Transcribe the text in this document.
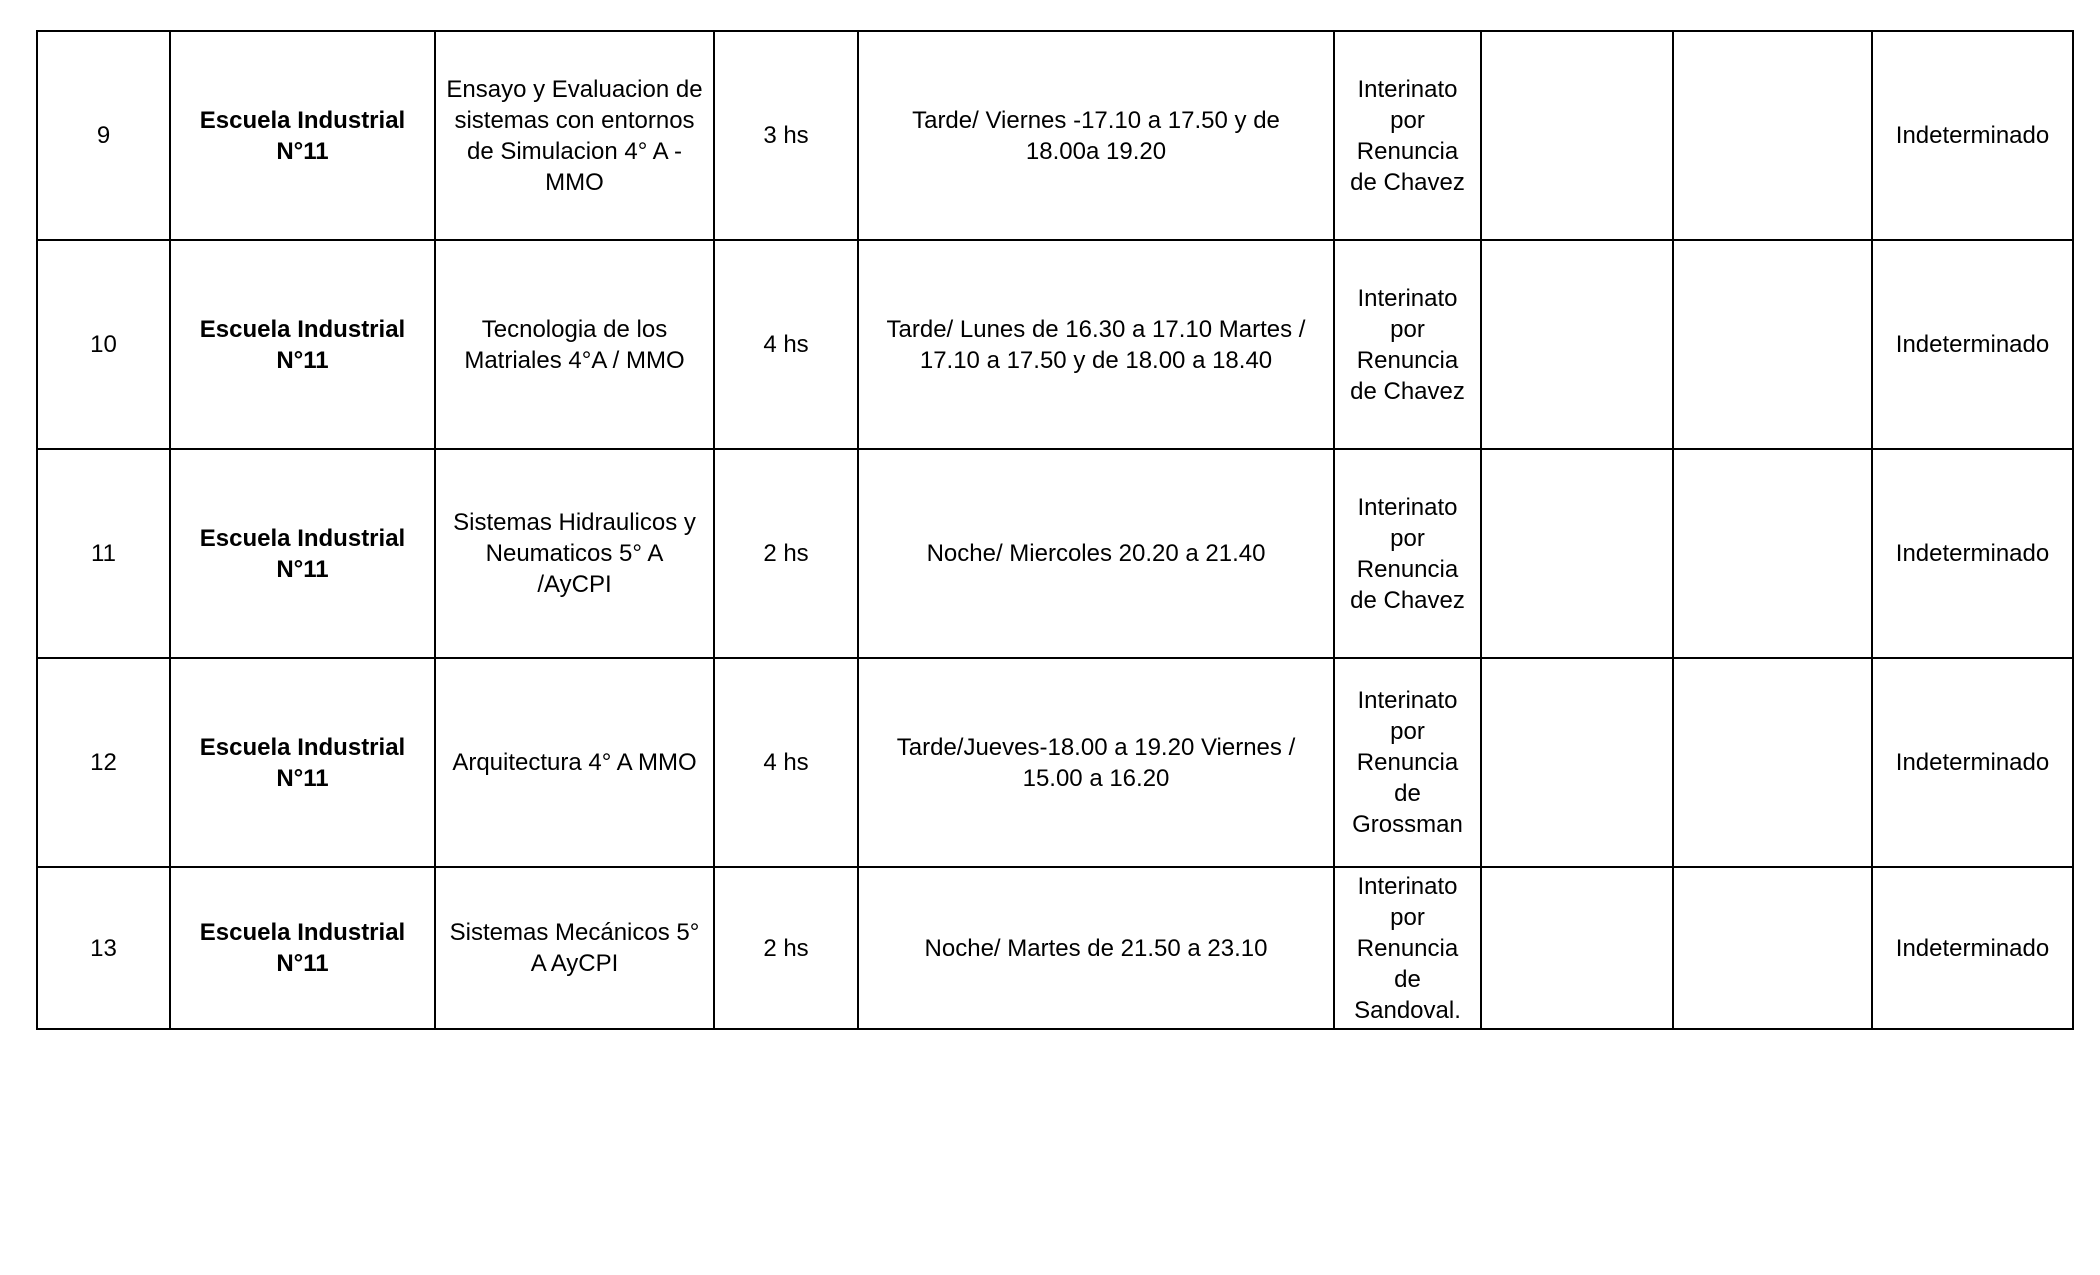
9	Escuela Industrial
N°11	Ensayo y Evaluacion de
sistemas con entornos
de Simulacion 4° A -
MMO	3 hs	Tarde/ Viernes -17.10 a 17.50 y de
18.00a 19.20	Interinato
por
Renuncia
de Chavez			Indeterminado
10	Escuela Industrial
N°11	Tecnologia de los
Matriales 4°A / MMO	4 hs	Tarde/ Lunes de 16.30 a 17.10 Martes /
17.10 a 17.50 y de 18.00 a 18.40	Interinato
por
Renuncia
de Chavez			Indeterminado
11	Escuela Industrial
N°11	Sistemas Hidraulicos y
Neumaticos 5° A
/AyCPI	2 hs	Noche/ Miercoles 20.20 a 21.40	Interinato
por
Renuncia
de Chavez			Indeterminado
12	Escuela Industrial
N°11	Arquitectura 4° A MMO	4 hs	Tarde/Jueves-18.00 a 19.20 Viernes /
15.00 a 16.20	Interinato
por
Renuncia
de
Grossman			Indeterminado
13	Escuela Industrial
N°11	Sistemas Mecánicos 5°
A AyCPI	2 hs	Noche/ Martes de 21.50 a 23.10	Interinato
por
Renuncia
de
Sandoval.			Indeterminado
